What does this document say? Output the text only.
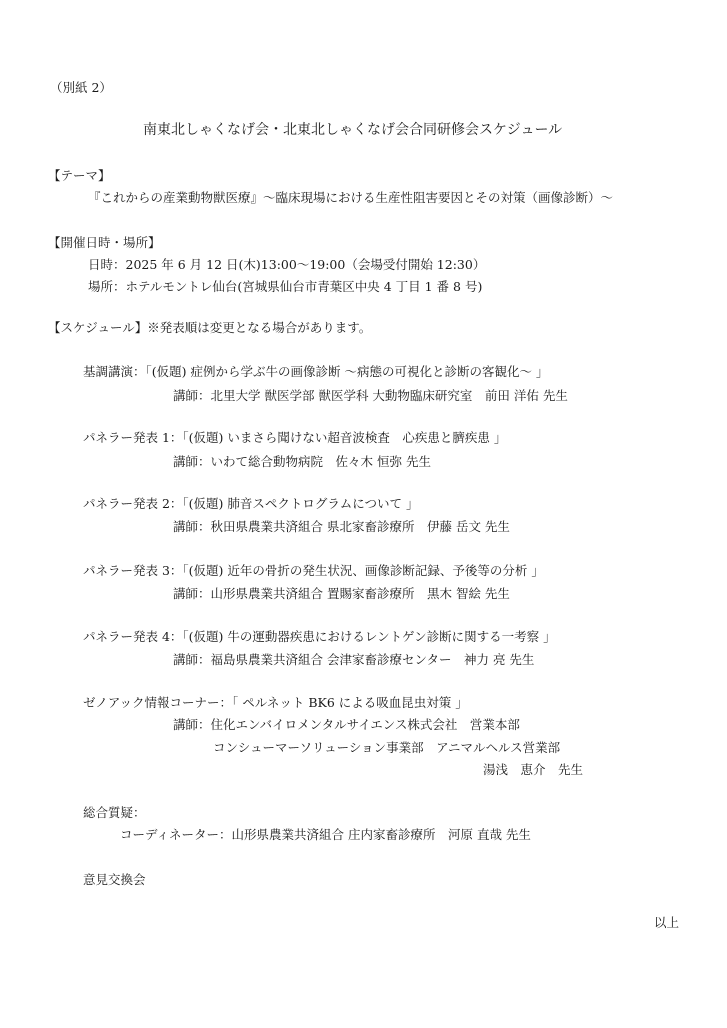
（別紙 2）
南東北しゃくなげ会・北東北しゃくなげ会合同研修会スケジュール
【テーマ】
『これからの産業動物獣医療』～臨床現場における生産性阻害要因とその対策（画像診断）～
【開催日時・場所】
日時：2025 年 6 月 12 日(木)13:00～19:00（会場受付開始 12:30）
場所：ホテルモントレ仙台(宮城県仙台市青葉区中央 4 丁目 1 番 8 号)
【スケジュール】※発表順は変更となる場合があります。
基調講演：「(仮題) 症例から学ぶ牛の画像診断 ～病態の可視化と診断の客観化～ 」
講師：北里大学 獣医学部 獣医学科 大動物臨床研究室　前田 洋佑 先生
パネラー発表 1：「(仮題) いまさら聞けない超音波検査　心疾患と臍疾患 」
講師：いわて総合動物病院　佐々木 恒弥 先生
パネラー発表 2：「(仮題) 肺音スペクトログラムについて 」
講師：秋田県農業共済組合 県北家畜診療所　伊藤 岳文 先生
パネラー発表 3：「(仮題) 近年の骨折の発生状況、画像診断記録、予後等の分析 」
講師：山形県農業共済組合 置賜家畜診療所　黒木 智絵 先生
パネラー発表 4：「(仮題) 牛の運動器疾患におけるレントゲン診断に関する一考察 」
講師：福島県農業共済組合 会津家畜診療センター　神力 亮 先生
ゼノアック情報コーナー：「 ペルネット BK6 による吸血昆虫対策 」
講師：住化エンバイロメンタルサイエンス株式会社　営業本部
コンシューマーソリューション事業部　アニマルヘルス営業部
湯浅　恵介　先生
総合質疑：
コーディネーター：山形県農業共済組合 庄内家畜診療所　河原 直哉 先生
意見交換会
以上
